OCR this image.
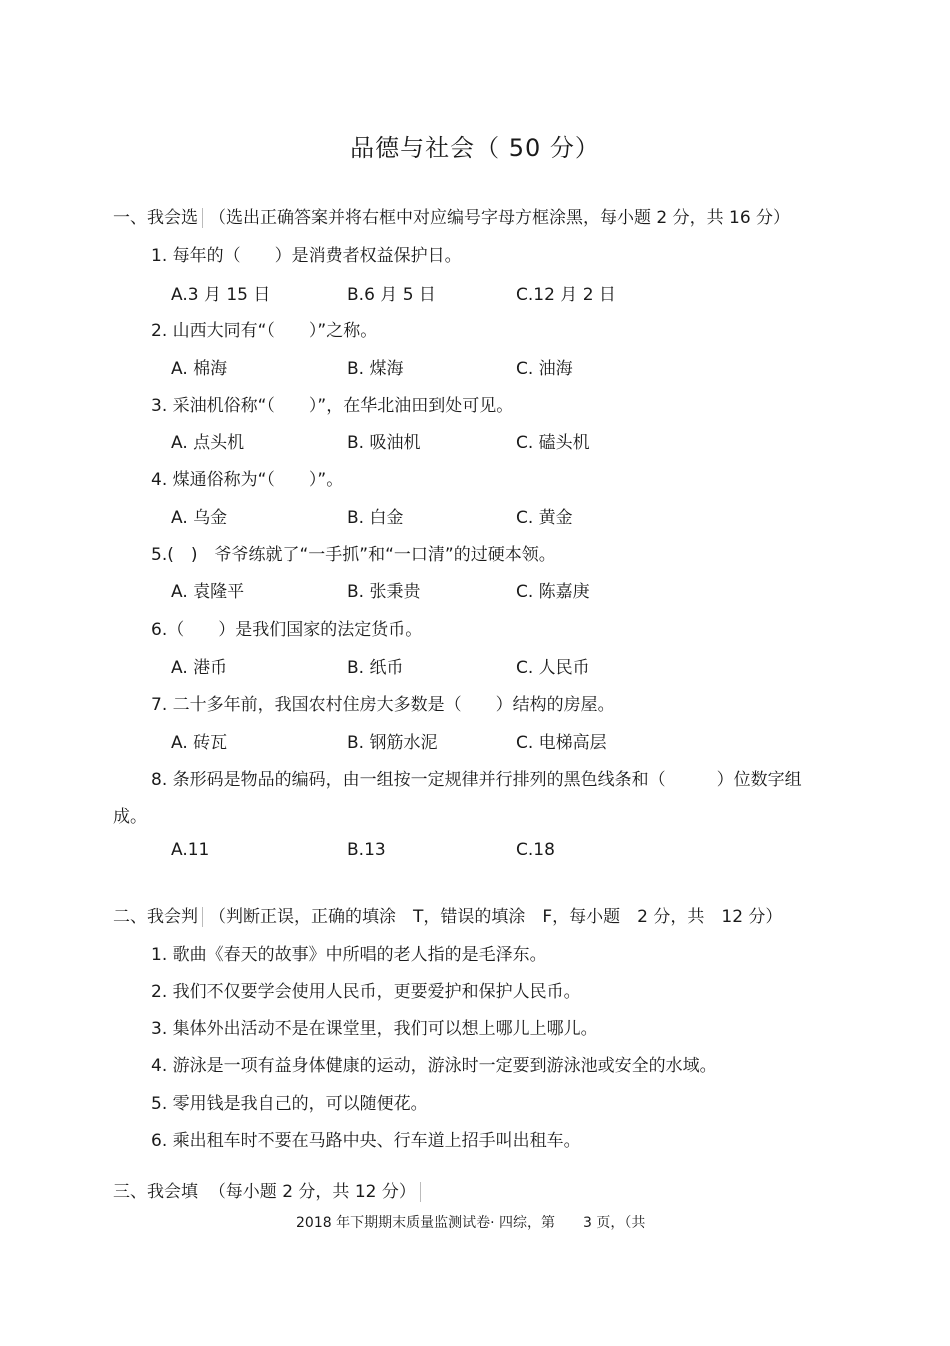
品德与社会（ 50 分）
一、我会选 （选出正确答案并将右框中对应编号字母方框涂黑，每小题 2 分，共 16 分）
1. 每年的（　　）是消费者权益保护日。
A.3 月 15 日	B.6 月 5 日	C.12 月 2 日
2. 山西大同有“（　　）”之称。
A. 棉海	B. 煤海	C. 油海
3. 采油机俗称“（　　）”，在华北油田到处可见。
A. 点头机	B. 吸油机	C. 磕头机
4. 煤通俗称为“（　　）”。
A. 乌金	B. 白金	C. 黄金
5.(　)　爷爷练就了“一手抓”和“一口清”的过硬本领。
A. 袁隆平	B. 张秉贵	C. 陈嘉庚
6.（　　）是我们国家的法定货币。
A. 港币	B. 纸币	C. 人民币
7. 二十多年前，我国农村住房大多数是（　　）结构的房屋。
A. 砖瓦	B. 钢筋水泥	C. 电梯高层
8. 条形码是物品的编码，由一组按一定规律并行排列的黑色线条和（　　　）位数字组
成。
A.11	B.13	C.18
二、我会判 （判断正误，正确的填涂　T，错误的填涂　F，每小题　2 分，共　12 分）
1. 歌曲《春天的故事》中所唱的老人指的是毛泽东。
2. 我们不仅要学会使用人民币，更要爱护和保护人民币。
3. 集体外出活动不是在课堂里，我们可以想上哪儿上哪儿。
4. 游泳是一项有益身体健康的运动，游泳时一定要到游泳池或安全的水域。
5. 零用钱是我自己的，可以随便花。
6. 乘出租车时不要在马路中央、行车道上招手叫出租车。
三、我会填 （每小题 2 分，共 12 分）
2018 年下期期末质量监测试卷· 四综，第　　3 页，（共
